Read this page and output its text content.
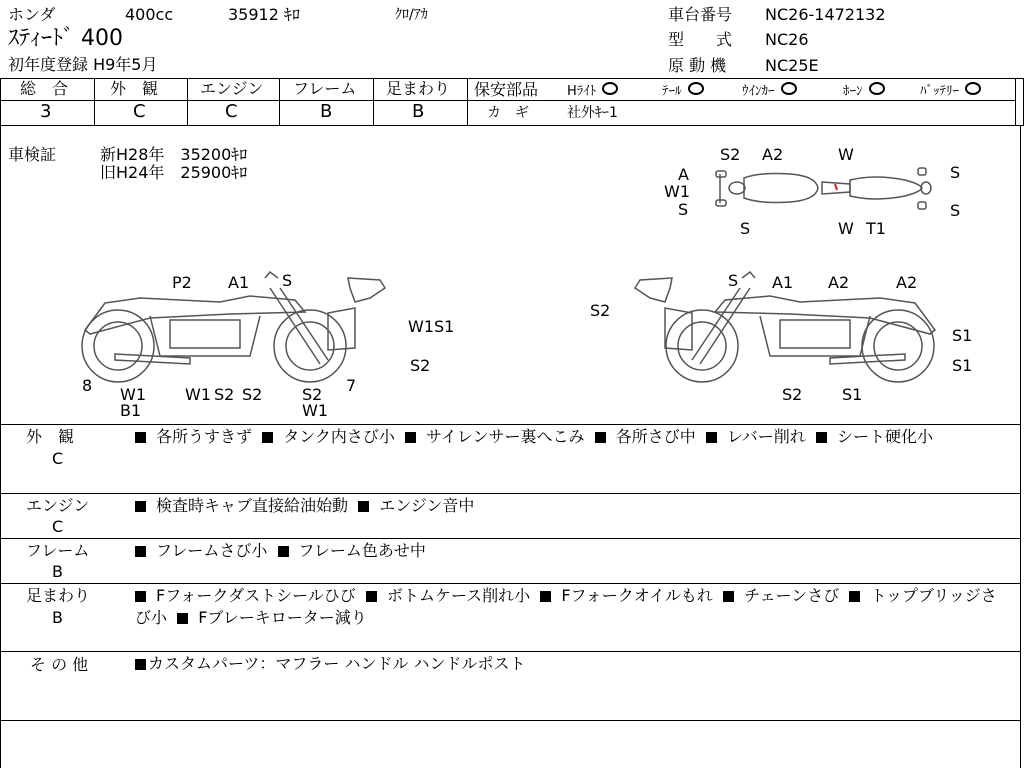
ホンダ	400cc	35912 ｷﾛ	ｸﾛ/ｱｶ
ｽﾃｨｰﾄﾞ 400
初年度登録 H9年5月
車台番号 NC26-1472132
型　　式 NC26
原 動 機 NC25E
総　合	外　観	エンジン フレーム 足まわり
3	C	C	B	B
保安部品 Hﾗｲﾄ	ﾃｰﾙ	ｳｲﾝｶｰ	ﾎｰﾝ	ﾊﾞｯﾃﾘｰ
カ　ギ	社外ｷｰ1
車検証	新H28年　35200ｷﾛ
旧H24年　25900ｷﾛ
S2 A2	W
A
W1
S
S
S
W T1
S
P2 A1 S
W1S1
S2
8 W1
B1
W1 S2 S2 S2
W1
7
S A1 A2	A2
S2
S1
S1
S2 S1
外　観
C
各所うすきず タンク内さび小 サイレンサー裏へこみ 各所さび中 レバー削れ シート硬化小
エンジン
C
検査時キャブ直接給油始動 エンジン音中
フレーム
B
フレームさび小 フレーム色あせ中
足まわり
B
Fフォークダストシールひび ボトムケース削れ小 Fフォークオイルもれ チェーンさび トップブリッジさび小 Fブレーキローター減り
そ の 他	カスタムパーツ：マフラー ハンドル ハンドルポスト
